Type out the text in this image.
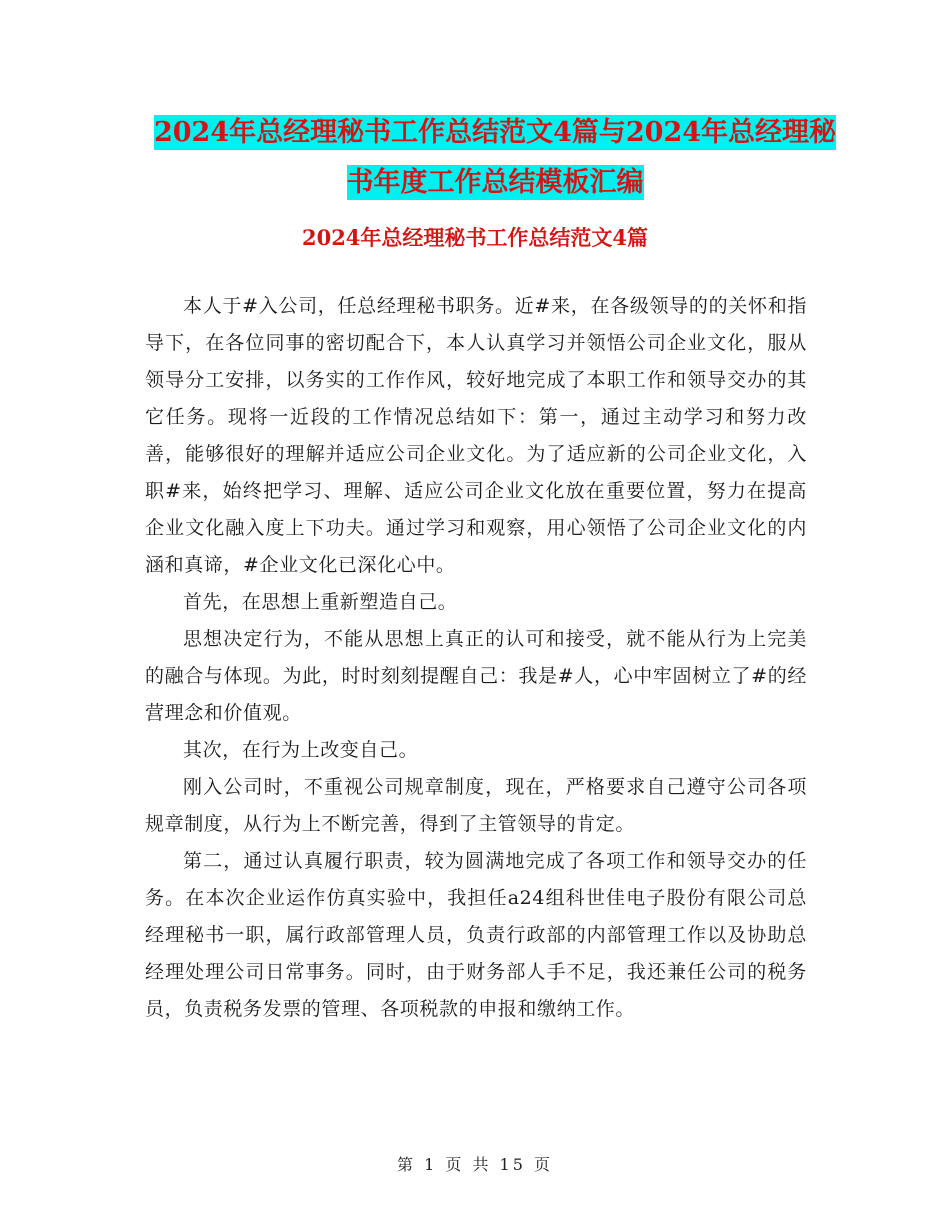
2024年总经理秘书工作总结范文4篇与2024年总经理秘书年度工作总结模板汇编
2024年总经理秘书工作总结范文4篇

本人于#入公司，任总经理秘书职务。近#来，在各级领导的的关怀和指导下，在各位同事的密切配合下，本人认真学习并领悟公司企业文化，服从领导分工安排，以务实的工作作风，较好地完成了本职工作和领导交办的其它任务。现将一近段的工作情况总结如下：第一，通过主动学习和努力改善，能够很好的理解并适应公司企业文化。为了适应新的公司企业文化，入职#来，始终把学习、理解、适应公司企业文化放在重要位置，努力在提高企业文化融入度上下功夫。通过学习和观察，用心领悟了公司企业文化的内涵和真谛，#企业文化已深化心中。

首先，在思想上重新塑造自己。

思想决定行为，不能从思想上真正的认可和接受，就不能从行为上完美的融合与体现。为此，时时刻刻提醒自己：我是#人，心中牢固树立了#的经营理念和价值观。

其次，在行为上改变自己。

刚入公司时，不重视公司规章制度，现在，严格要求自己遵守公司各项规章制度，从行为上不断完善，得到了主管领导的肯定。

第二，通过认真履行职责，较为圆满地完成了各项工作和领导交办的任务。在本次企业运作仿真实验中，我担任a24组科世佳电子股份有限公司总经理秘书一职，属行政部管理人员，负责行政部的内部管理工作以及协助总经理处理公司日常事务。同时，由于财务部人手不足，我还兼任公司的税务员，负责税务发票的管理、各项税款的申报和缴纳工作。

第 1 页 共 15 页
